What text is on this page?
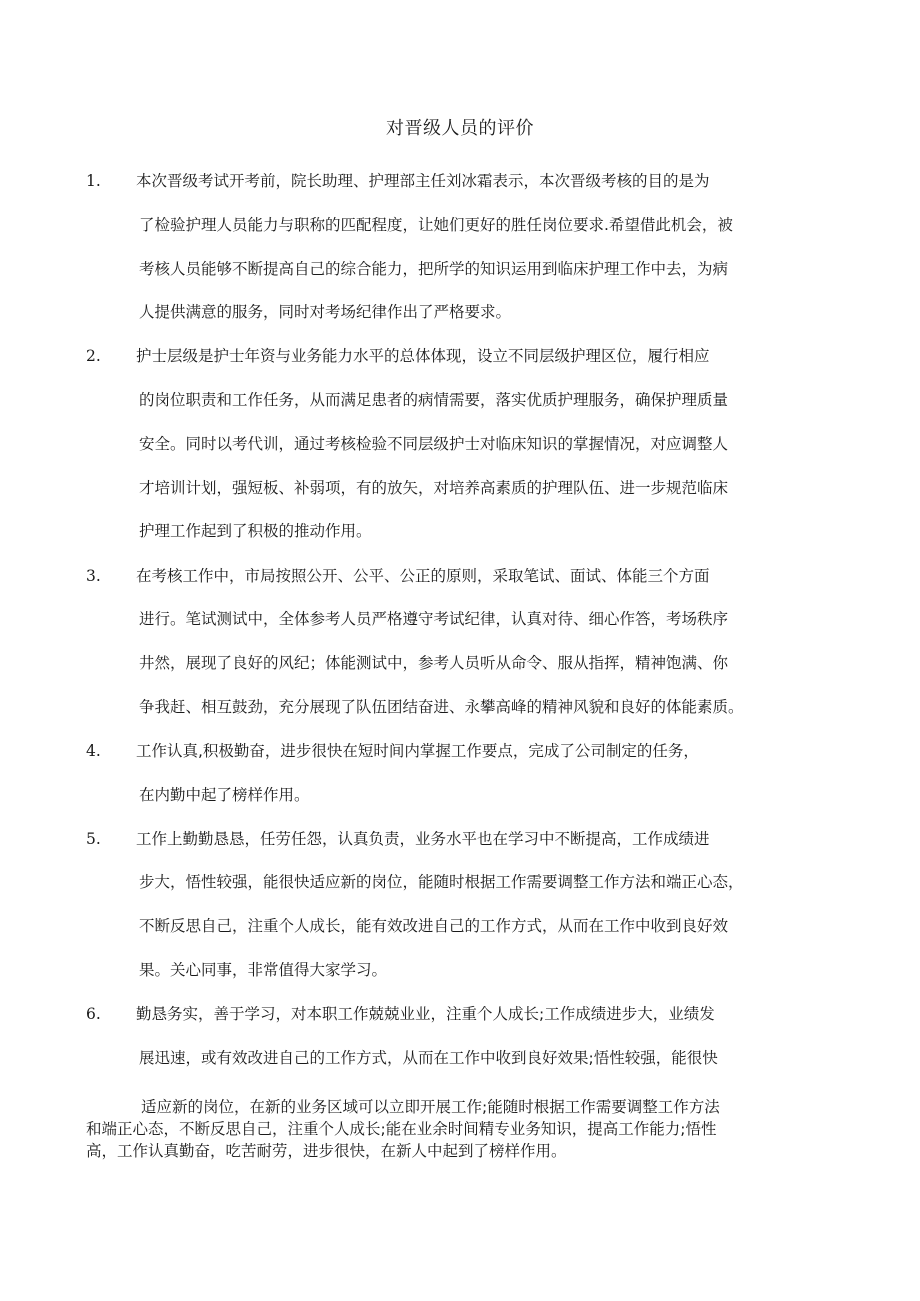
对晋级人员的评价
1. 本次晋级考试开考前，院长助理、护理部主任刘冰霜表示，本次晋级考核的目的是为
了检验护理人员能力与职称的匹配程度，让她们更好的胜任岗位要求.希望借此机会，被
考核人员能够不断提高自己的综合能力，把所学的知识运用到临床护理工作中去，为病
人提供满意的服务，同时对考场纪律作出了严格要求。
2. 护士层级是护士年资与业务能力水平的总体体现，设立不同层级护理区位，履行相应
的岗位职责和工作任务，从而满足患者的病情需要，落实优质护理服务，确保护理质量
安全。同时以考代训，通过考核检验不同层级护士对临床知识的掌握情况，对应调整人
才培训计划，强短板、补弱项，有的放矢，对培养高素质的护理队伍、进一步规范临床
护理工作起到了积极的推动作用。
3. 在考核工作中，市局按照公开、公平、公正的原则，采取笔试、面试、体能三个方面
进行。笔试测试中，全体参考人员严格遵守考试纪律，认真对待、细心作答，考场秩序
井然，展现了良好的风纪；体能测试中，参考人员听从命令、服从指挥，精神饱满、你
争我赶、相互鼓劲，充分展现了队伍团结奋进、永攀高峰的精神风貌和良好的体能素质。
4. 工作认真,积极勤奋，进步很快在短时间内掌握工作要点，完成了公司制定的任务，
在内勤中起了榜样作用。
5. 工作上勤勤恳恳，任劳任怨，认真负责，业务水平也在学习中不断提高，工作成绩进
步大，悟性较强，能很快适应新的岗位，能随时根据工作需要调整工作方法和端正心态，
不断反思自己，注重个人成长，能有效改进自己的工作方式，从而在工作中收到良好效
果。关心同事，非常值得大家学习。
6. 勤恳务实，善于学习，对本职工作兢兢业业，注重个人成长;工作成绩进步大，业绩发
展迅速，或有效改进自己的工作方式，从而在工作中收到良好效果;悟性较强，能很快
适应新的岗位，在新的业务区域可以立即开展工作;能随时根据工作需要调整工作方法
和端正心态，不断反思自己，注重个人成长;能在业余时间精专业务知识，提高工作能力;悟性
高，工作认真勤奋，吃苦耐劳，进步很快，在新人中起到了榜样作用。
